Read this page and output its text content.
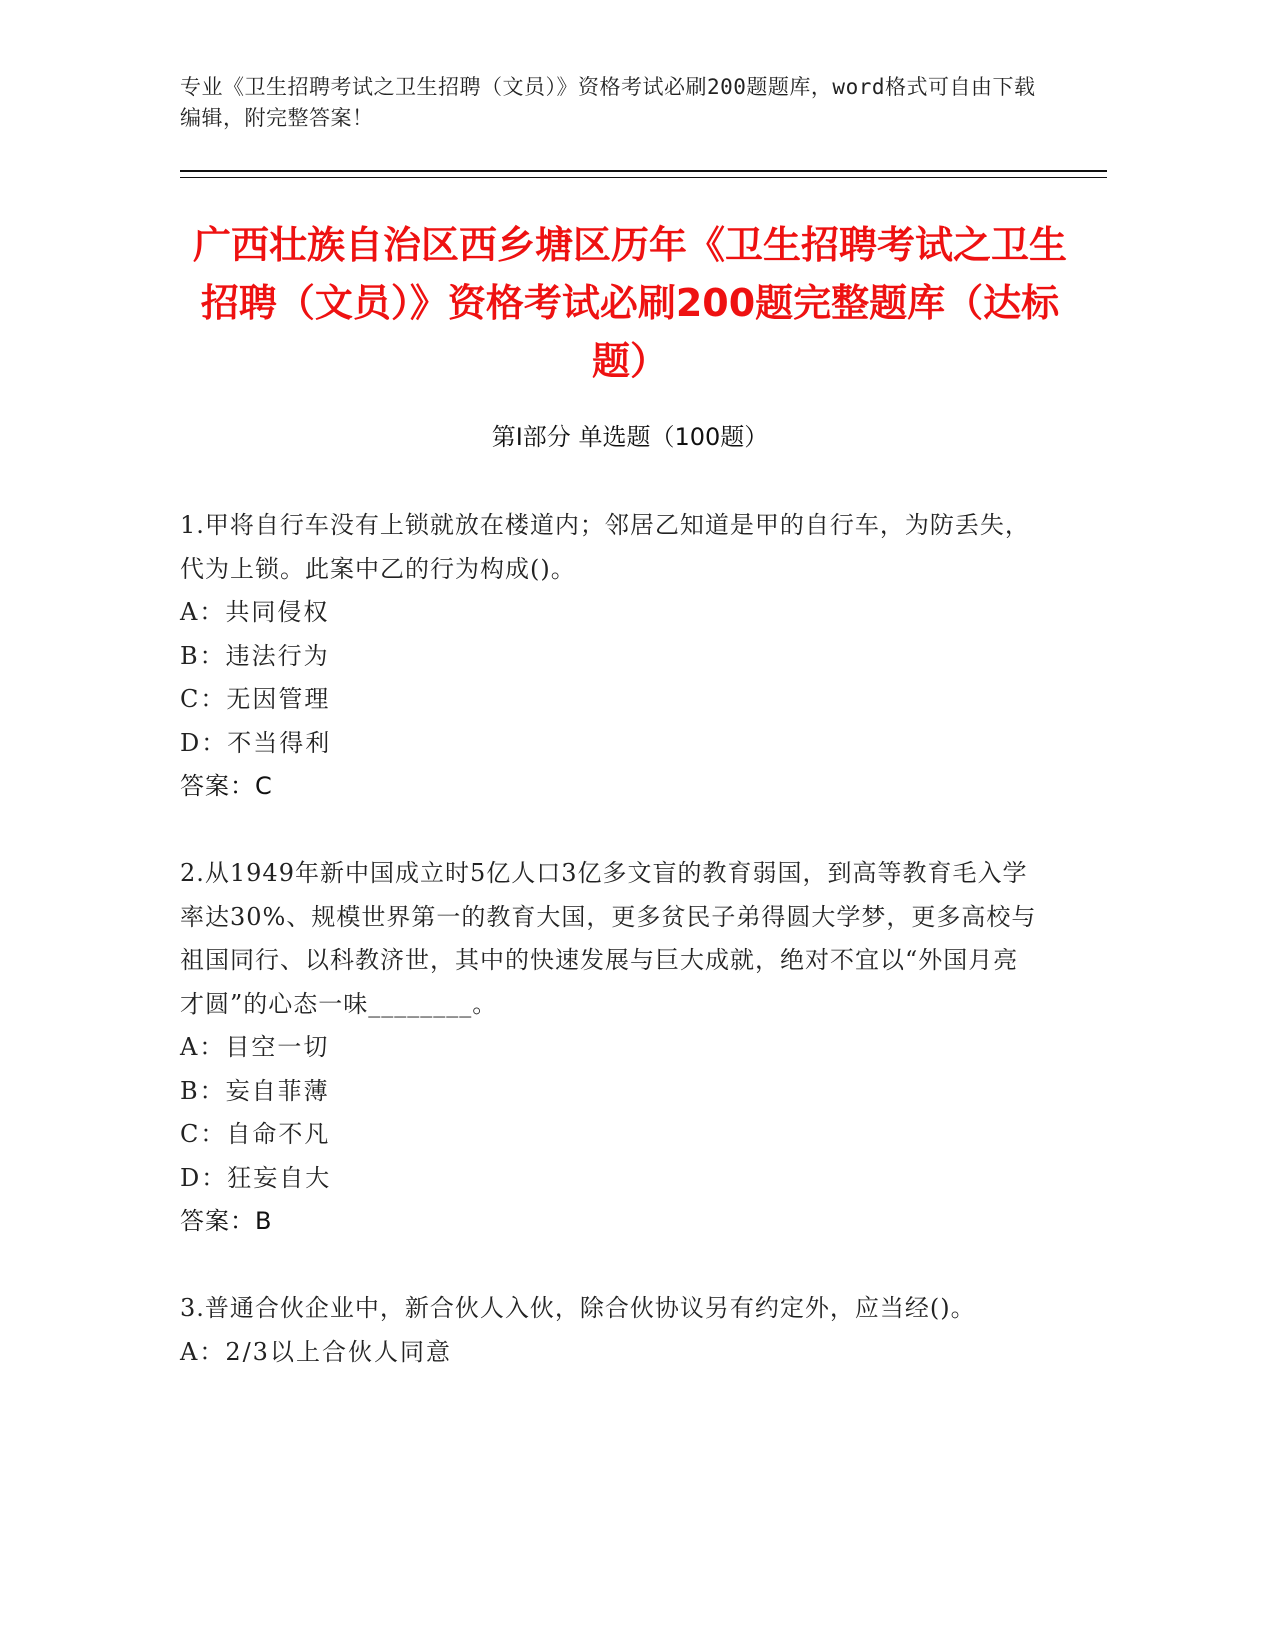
专业《卫生招聘考试之卫生招聘（文员）》资格考试必刷200题题库，word格式可自由下载编辑，附完整答案！
广西壮族自治区西乡塘区历年《卫生招聘考试之卫生招聘（文员）》资格考试必刷200题完整题库（达标题）
第Ⅰ部分 单选题（100题）
1.甲将自行车没有上锁就放在楼道内；邻居乙知道是甲的自行车，为防丢失，代为上锁。此案中乙的行为构成()。
A：共同侵权
B：违法行为
C：无因管理
D：不当得利
答案：C
2.从1949年新中国成立时5亿人口3亿多文盲的教育弱国，到高等教育毛入学率达30%、规模世界第一的教育大国，更多贫民子弟得圆大学梦，更多高校与祖国同行、以科教济世，其中的快速发展与巨大成就，绝对不宜以“外国月亮才圆”的心态一味________。
A：目空一切
B：妄自菲薄
C：自命不凡
D：狂妄自大
答案：B
3.普通合伙企业中，新合伙人入伙，除合伙协议另有约定外，应当经()。
A：2/3以上合伙人同意
